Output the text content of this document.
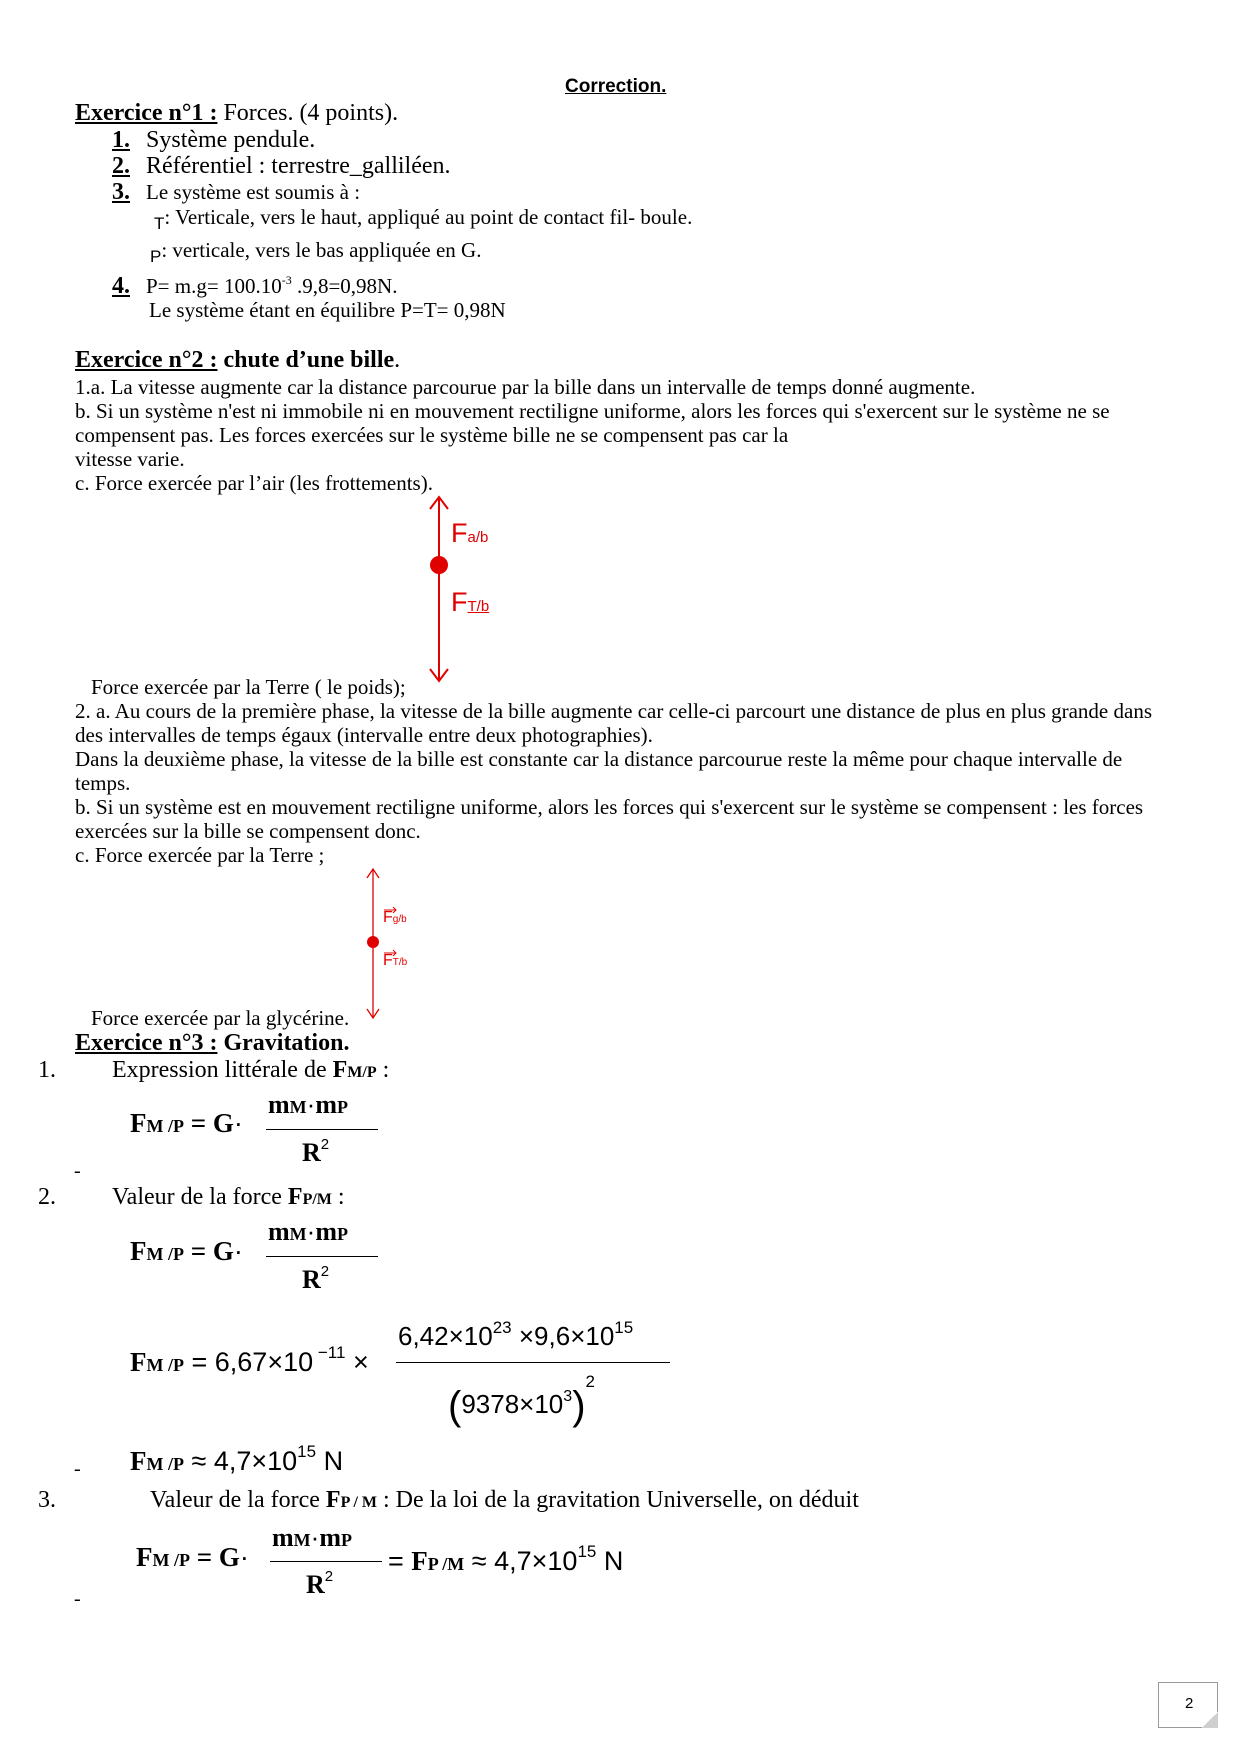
Correction.
Exercice n°1 : Forces. (4 points).
1. Système pendule.
2. Référentiel : terrestre_galliléen.
3. Le système est soumis à :
$_T$: Verticale, vers le haut, appliqué au point de contact fil- boule.
$_P$: verticale, vers le bas appliquée en G.
4. $P= m.g= 100.10^{-3}$ .9,8=0,98N.
Le système étant en équilibre P=T= 0,98N
Exercice n°2 : chute d’une bille.
1.a. La vitesse augmente car la distance parcourue par la bille dans un intervalle de temps donné augmente.
b. Si un système n'est ni immobile ni en mouvement rectiligne uniforme, alors les forces qui s'exercent sur le système ne se
compensent pas. Les forces exercées sur le système bille ne se compensent pas car la
vitesse varie.
c. Force exercée par l’air (les frottements).
Fa/b
FT/b
Force exercée par la Terre ( le poids);
2. a. Au cours de la première phase, la vitesse de la bille augmente car celle-ci parcourt une distance de plus en plus grande dans
des intervalles de temps égaux (intervalle entre deux photographies).
Dans la deuxième phase, la vitesse de la bille est constante car la distance parcourue reste la même pour chaque intervalle de
temps.
b. Si un système est en mouvement rectiligne uniforme, alors les forces qui s'exercent sur le système se compensent : les forces
exercées sur la bille se compensent donc.
c. Force exercée par la Terre ;
Fg/b
FT/b
Force exercée par la glycérine.
Exercice n°3 : Gravitation.
1. Expression littérale de FM/P :
FM /P = G·
mM·mP
$R^2$
-
2. Valeur de la force FP/M :
FM /P = G·
mM·mP
$R^2$
FM /P = 6,67×10 $^{-11}$ ×
$6,42\times 10^{23} \times 9,6\times 10^{15}$
$(9378\times 10^3)^2$
FM $/P \approx 4,7\times 10^{15}$ N
-
3.	Valeur de la force FP / M : De la loi de la gravitation Universelle, on déduit
FM /P = G·
mM·mP
$R^2$
= FP $/M \approx 4,7\times 10^{15}$ N
-
2
